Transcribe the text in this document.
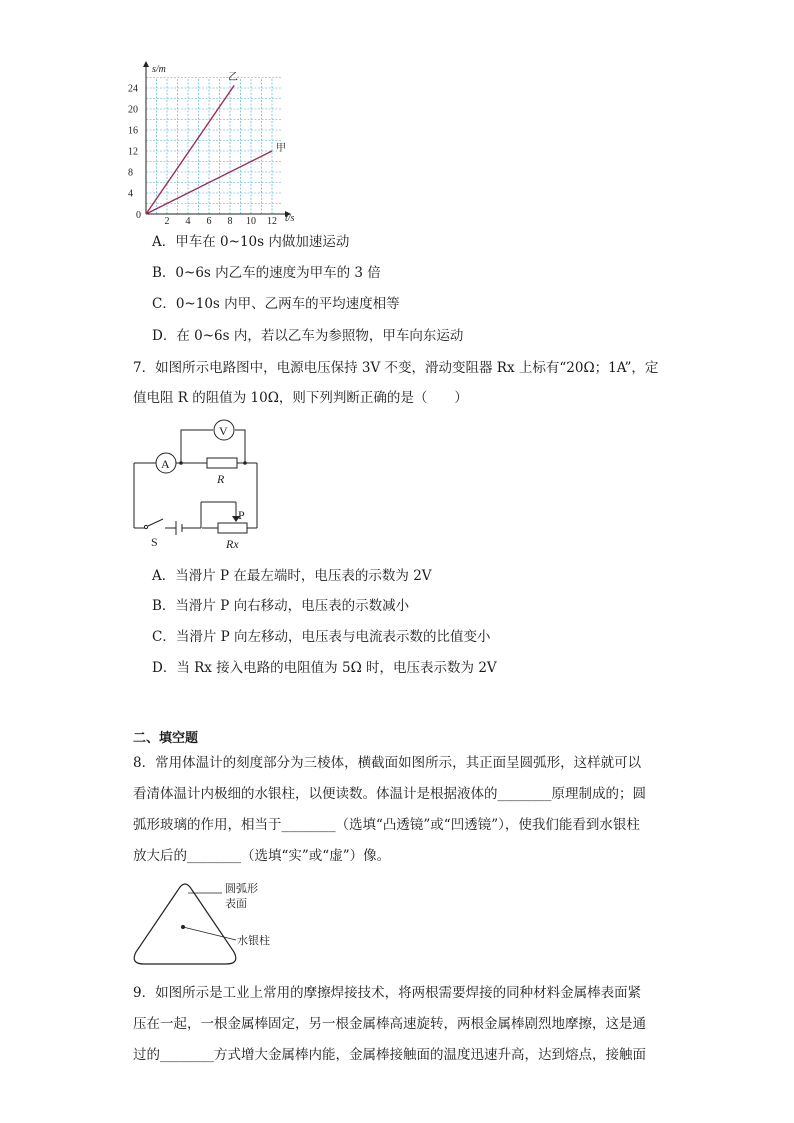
4
8
12
16
20
24
2 4 6 8 10 12
s/m
t/s
0
乙
甲
A．甲车在 0~10s 内做加速运动
B．0~6s 内乙车的速度为甲车的 3 倍
C．0~10s 内甲、乙两车的平均速度相等
D．在 0~6s 内，若以乙车为参照物，甲车向东运动
7．如图所示电路图中，电源电压保持 3V 不变，滑动变阻器 Rx 上标有“20Ω；1A”，定
值电阻 R 的阻值为 10Ω，则下列判断正确的是（　　）
A
V
R
P
S	Rx
A．当滑片 P 在最左端时，电压表的示数为 2V
B．当滑片 P 向右移动，电压表的示数减小
C．当滑片 P 向左移动，电压表与电流表示数的比值变小
D．当 Rx 接入电路的电阻值为 5Ω 时，电压表示数为 2V
二、填空题
8．常用体温计的刻度部分为三棱体，横截面如图所示，其正面呈圆弧形，这样就可以
看清体温计内极细的水银柱，以便读数。体温计是根据液体的________原理制成的；圆
弧形玻璃的作用，相当于________（选填“凸透镜”或“凹透镜”），使我们能看到水银柱
放大后的________（选填“实”或“虚”）像。
圆弧形
表面
水银柱
9．如图所示是工业上常用的摩擦焊接技术，将两根需要焊接的同种材料金属棒表面紧
压在一起，一根金属棒固定，另一根金属棒高速旋转，两根金属棒剧烈地摩擦，这是通
过的________方式增大金属棒内能，金属棒接触面的温度迅速升高，达到熔点，接触面
